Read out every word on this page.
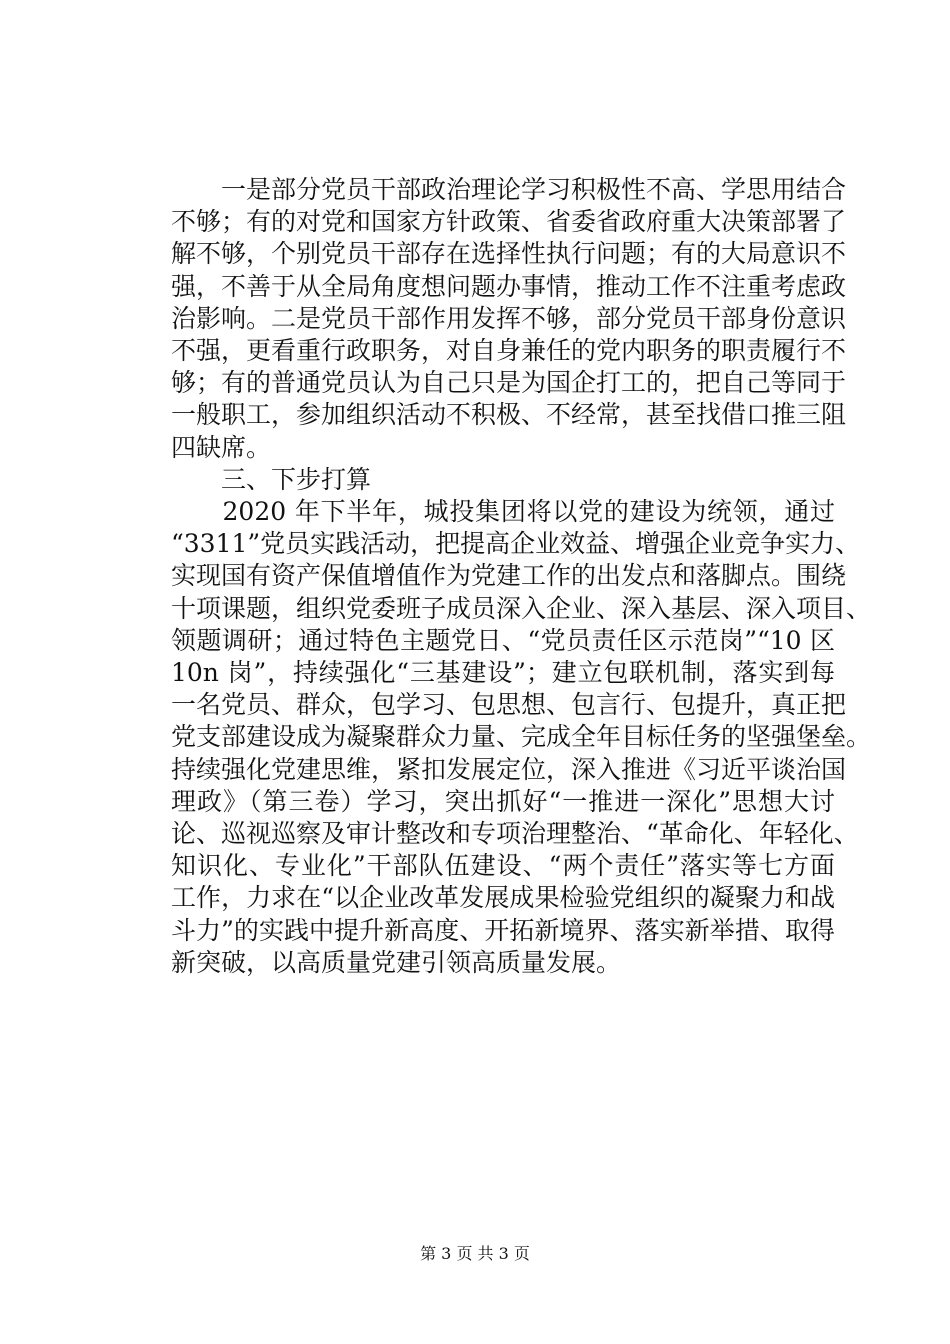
　　一是部分党员干部政治理论学习积极性不高、学思用结合
不够；有的对党和国家方针政策、省委省政府重大决策部署了
解不够，个别党员干部存在选择性执行问题；有的大局意识不
强，不善于从全局角度想问题办事情，推动工作不注重考虑政
治影响。二是党员干部作用发挥不够，部分党员干部身份意识
不强，更看重行政职务，对自身兼任的党内职务的职责履行不
够；有的普通党员认为自己只是为国企打工的，把自己等同于
一般职工，参加组织活动不积极、不经常，甚至找借口推三阻
四缺席。
　　三、下步打算
　　2020 年下半年，城投集团将以党的建设为统领，通过
“3311”党员实践活动，把提高企业效益、增强企业竞争实力、
实现国有资产保值增值作为党建工作的出发点和落脚点。围绕
十项课题，组织党委班子成员深入企业、深入基层、深入项目、
领题调研；通过特色主题党日、“党员责任区示范岗”“10 区
10n 岗”，持续强化“三基建设”；建立包联机制，落实到每
一名党员、群众，包学习、包思想、包言行、包提升，真正把
党支部建设成为凝聚群众力量、完成全年目标任务的坚强堡垒。
持续强化党建思维，紧扣发展定位，深入推进《习近平谈治国
理政》（第三卷）学习，突出抓好“一推进一深化”思想大讨
论、巡视巡察及审计整改和专项治理整治、“革命化、年轻化、
知识化、专业化”干部队伍建设、“两个责任”落实等七方面
工作，力求在“以企业改革发展成果检验党组织的凝聚力和战
斗力”的实践中提升新高度、开拓新境界、落实新举措、取得
新突破，以高质量党建引领高质量发展。
第 3 页 共 3 页
